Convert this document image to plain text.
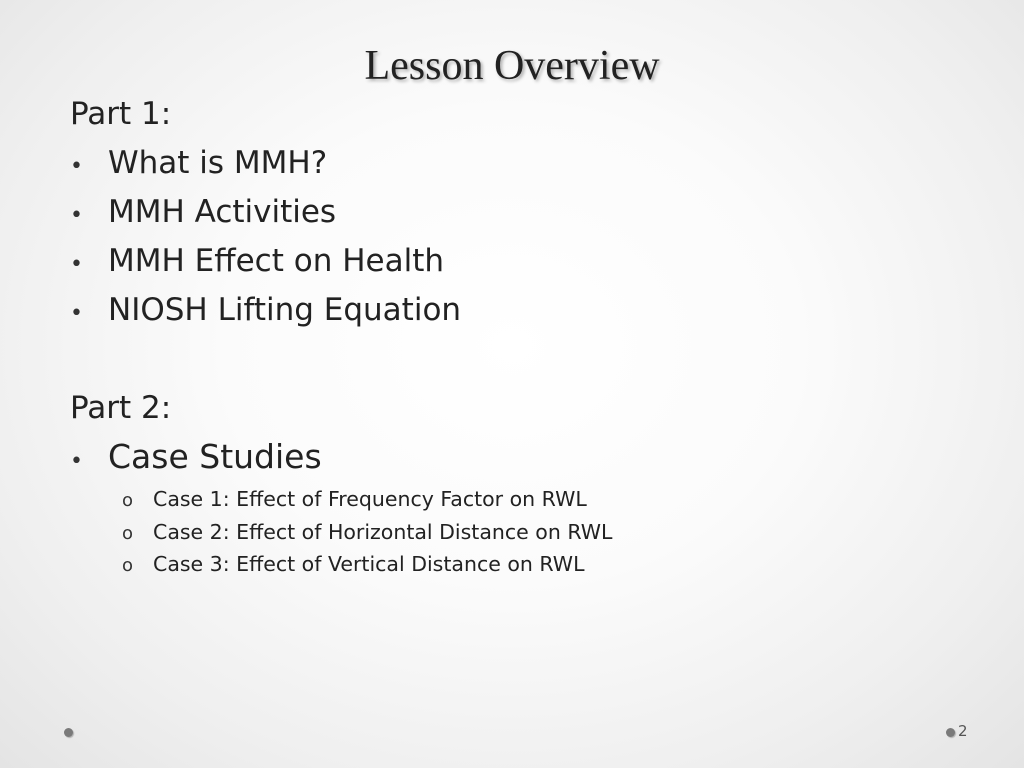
Lesson Overview
Part 1:
• What is MMH?
• MMH Activities
• MMH Effect on Health
• NIOSH Lifting Equation
Part 2:
• Case Studies
o Case 1: Effect of Frequency Factor on RWL
o Case 2: Effect of Horizontal Distance on RWL
o Case 3: Effect of Vertical Distance on RWL
2
